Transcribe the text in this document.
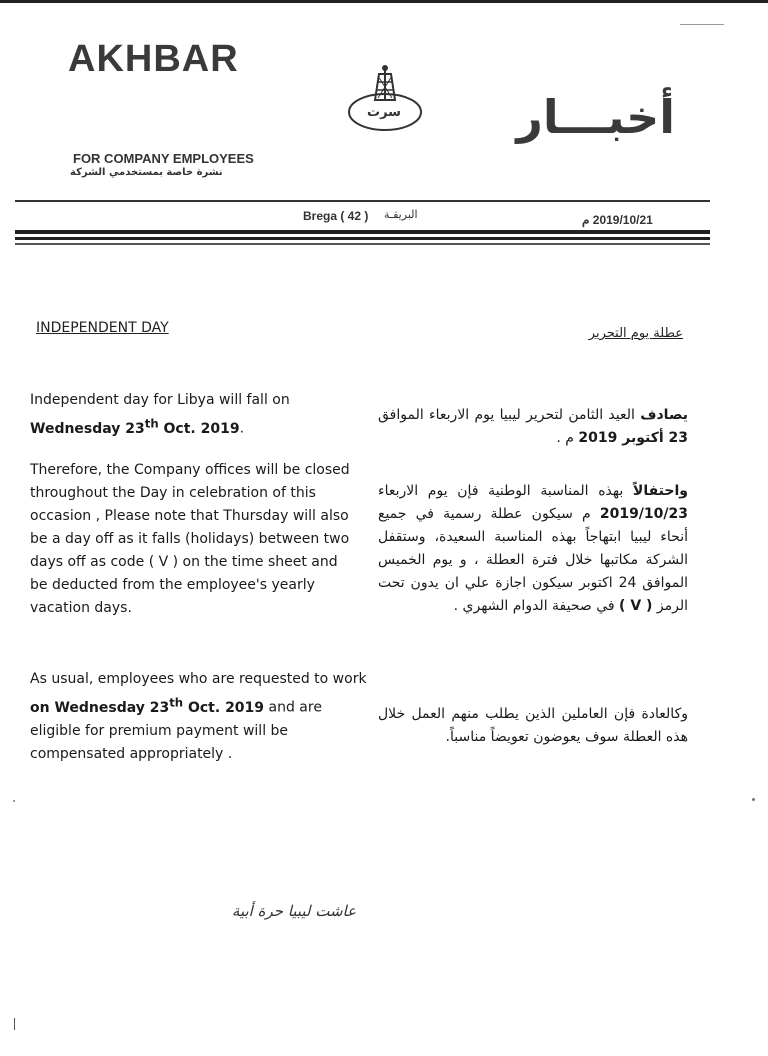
AKHBAR
سرت	أخبـــار
FOR COMPANY EMPLOYEES
نشرة خاصة بمستخدمي الشركة
Brega ( 42 ) البريقـة	2019/10/21 م
INDEPENDENT DAY	عطلة يوم التحرير

Independent day for Libya will fall on
Wednesday 23th Oct. 2019.

Therefore, the Company offices will be closed throughout the Day in celebration of this occasion , Please note that Thursday will also be a day off as it falls (holidays) between two days off as code ( V ) on the time sheet and be deducted from the employee's yearly vacation days.

As usual, employees who are requested to work on Wednesday 23th Oct. 2019 and are eligible for premium payment will be compensated appropriately .

يصادف العيد الثامن لتحرير ليبيا يوم الاربعاء الموافق 23 أكتوبر 2019 م .

واحتفالاً بهذه المناسبة الوطنية فإن يوم الاربعاء 2019/10/23 م سيكون عطلة رسمية في جميع أنحاء ليبيا ابتهاجاً بهذه المناسبة السعيدة، وستقفل الشركة مكاتبها خلال فترة العطلة ، و يوم الخميس الموافق 24 اكتوبر سيكون اجازة علي ان يدون تحت الرمز ( V ) في صحيفة الدوام الشهري .

وكالعادة فإن العاملين الذين يطلب منهم العمل خلال هذه العطلة سوف يعوضون تعويضاً مناسباً.

عاشت ليبيا حرة أبية
